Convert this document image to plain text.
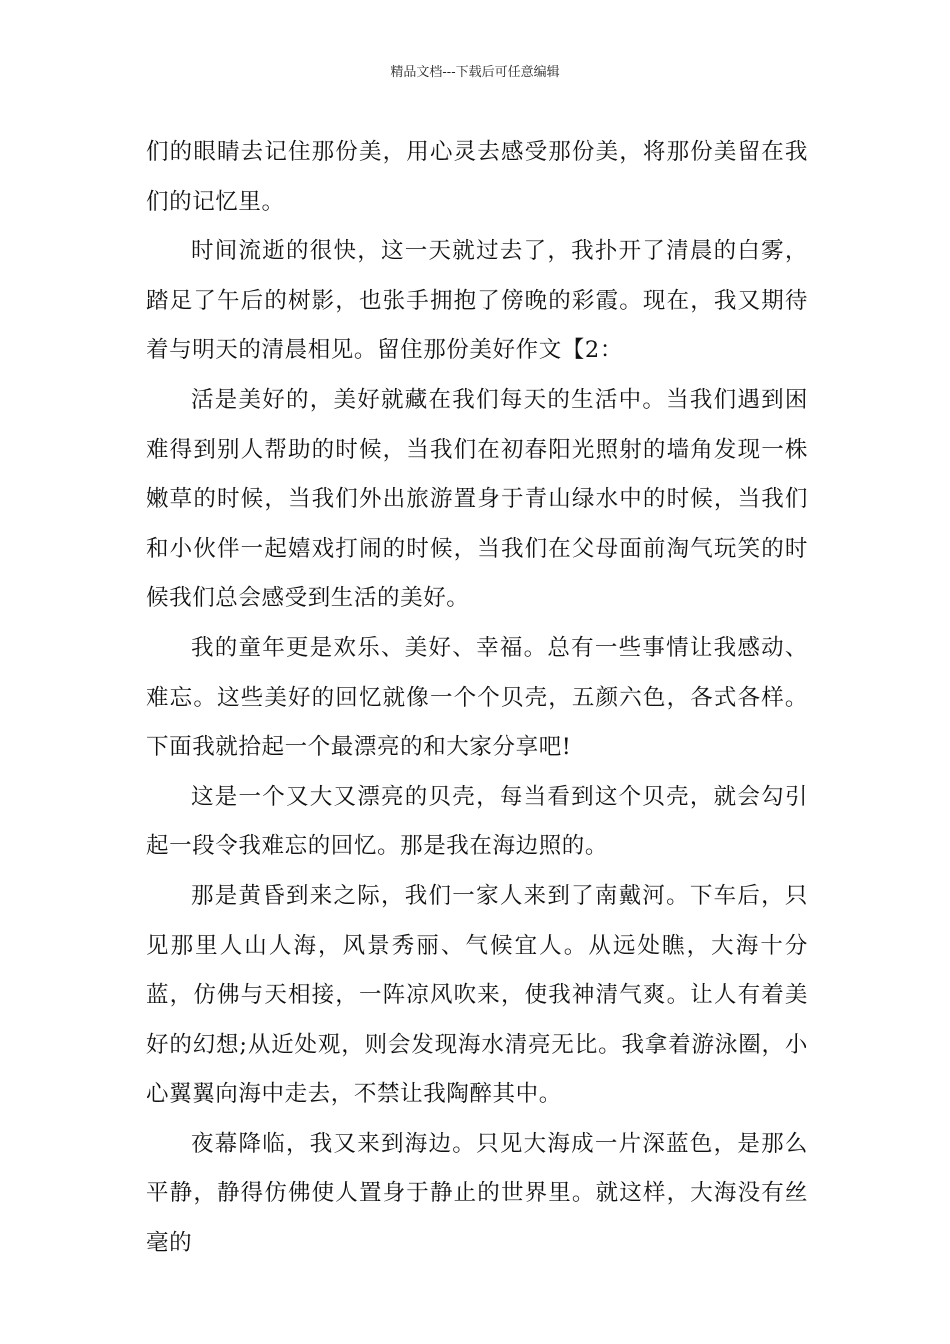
精品文档---下载后可任意编辑

们的眼睛去记住那份美，用心灵去感受那份美，将那份美留在我们的记忆里。

时间流逝的很快，这一天就过去了，我扑开了清晨的白雾，踏足了午后的树影，也张手拥抱了傍晚的彩霞。现在，我又期待着与明天的清晨相见。留住那份美好作文【2：

活是美好的，美好就藏在我们每天的生活中。当我们遇到困难得到别人帮助的时候，当我们在初春阳光照射的墙角发现一株嫩草的时候，当我们外出旅游置身于青山绿水中的时候，当我们和小伙伴一起嬉戏打闹的时候，当我们在父母面前淘气玩笑的时候我们总会感受到生活的美好。

我的童年更是欢乐、美好、幸福。总有一些事情让我感动、难忘。这些美好的回忆就像一个个贝壳，五颜六色，各式各样。下面我就拾起一个最漂亮的和大家分享吧!

这是一个又大又漂亮的贝壳，每当看到这个贝壳，就会勾引起一段令我难忘的回忆。那是我在海边照的。

那是黄昏到来之际，我们一家人来到了南戴河。下车后，只见那里人山人海，风景秀丽、气候宜人。从远处瞧，大海十分蓝，仿佛与天相接，一阵凉风吹来，使我神清气爽。让人有着美好的幻想;从近处观，则会发现海水清亮无比。我拿着游泳圈，小心翼翼向海中走去，不禁让我陶醉其中。

夜幕降临，我又来到海边。只见大海成一片深蓝色，是那么平静，静得仿佛使人置身于静止的世界里。就这样，大海没有丝毫的
